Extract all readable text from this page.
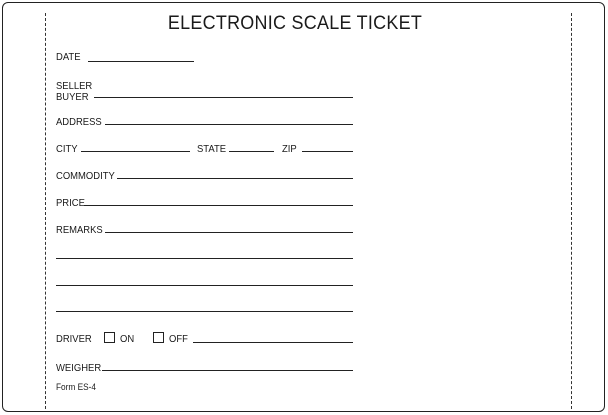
ELECTRONIC SCALE TICKET
DATE
SELLER
BUYER
ADDRESS
CITY	STATE	ZIP
COMMODITY
PRICE
REMARKS
DRIVER	ON	OFF
WEIGHER
Form ES-4
